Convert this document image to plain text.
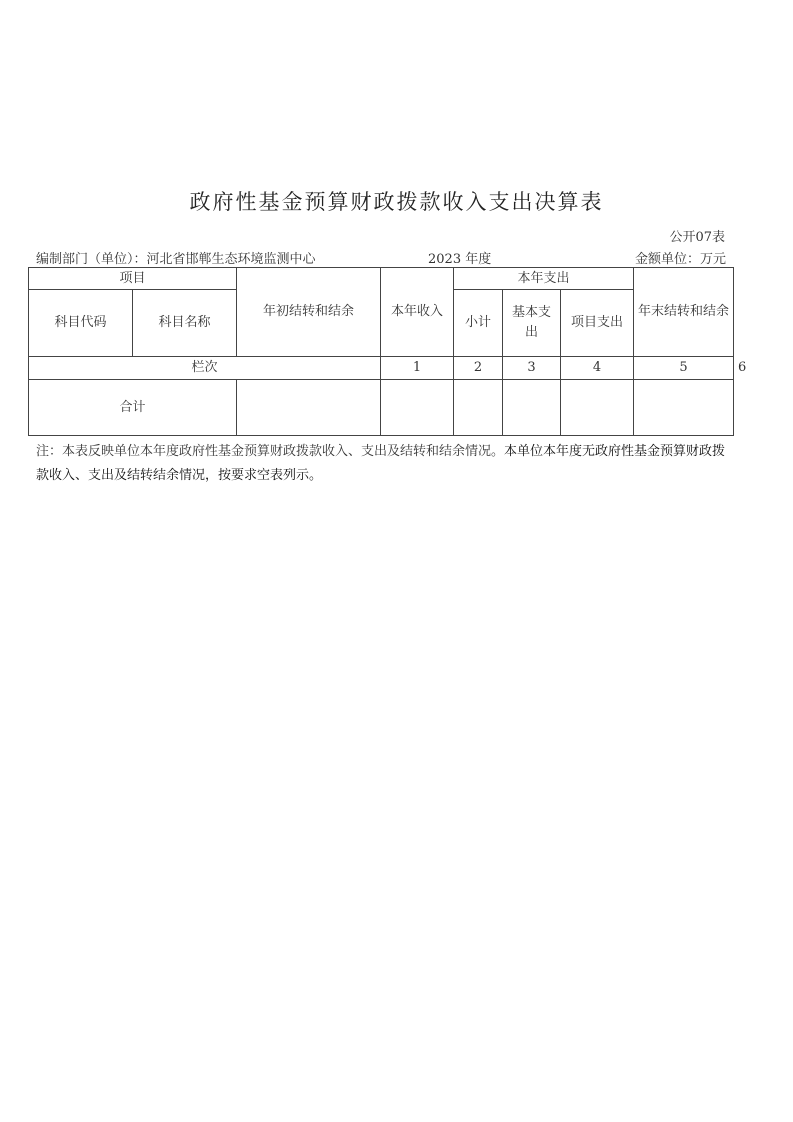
政府性基金预算财政拨款收入支出决算表
公开07表
编制部门（单位）：河北省邯郸生态环境监测中心	2023 年度	金额单位：万元
项目		年初结转和结余	本年收入	本年支出			年末结转和结余	
科目代码	科目名称			小计	基本支出	项目支出		
栏次			1	2	3	4	5	6
合计								
注：本表反映单位本年度政府性基金预算财政拨款收入、支出及结转和结余情况。本单位本年度无政府性基金预算财政拨款收入、支出及结转结余情况，按要求空表列示。
